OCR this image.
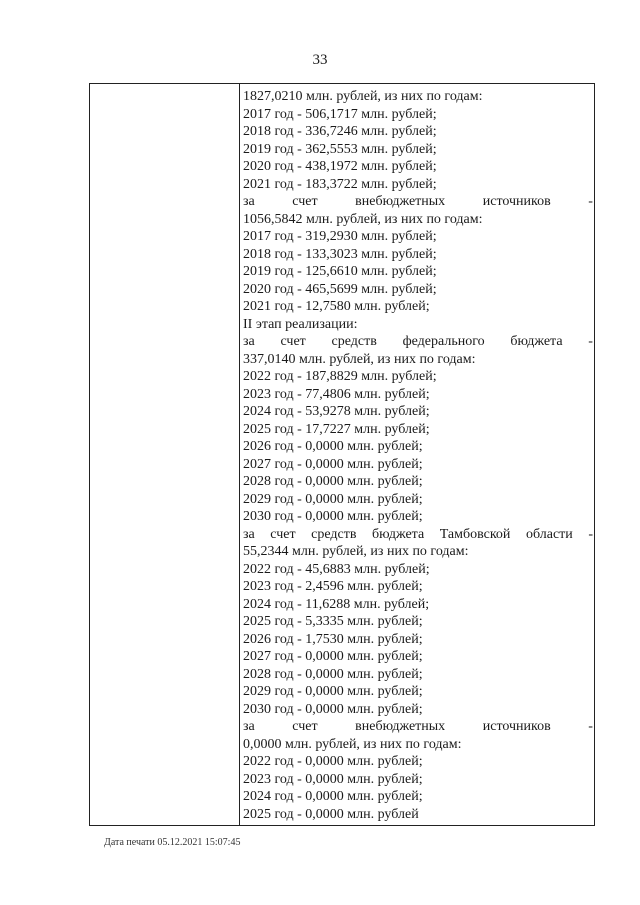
33
1827,0210 млн. рублей, из них по годам:
2017 год - 506,1717 млн. рублей;
2018 год - 336,7246 млн. рублей;
2019 год - 362,5553 млн. рублей;
2020 год - 438,1972 млн. рублей;
2021 год - 183,3722 млн. рублей;
за	счет	внебюджетных	источников	-
1056,5842 млн. рублей, из них по годам:
2017 год - 319,2930 млн. рублей;
2018 год - 133,3023 млн. рублей;
2019 год - 125,6610 млн. рублей;
2020 год - 465,5699 млн. рублей;
2021 год - 12,7580 млн. рублей;
II этап реализации:
за счет средств федерального бюджета -
337,0140 млн. рублей, из них по годам:
2022 год - 187,8829 млн. рублей;
2023 год - 77,4806 млн. рублей;
2024 год - 53,9278 млн. рублей;
2025 год - 17,7227 млн. рублей;
2026 год - 0,0000 млн. рублей;
2027 год - 0,0000 млн. рублей;
2028 год - 0,0000 млн. рублей;
2029 год - 0,0000 млн. рублей;
2030 год - 0,0000 млн. рублей;
за счет средств бюджета Тамбовской области -
55,2344 млн. рублей, из них по годам:
2022 год - 45,6883 млн. рублей;
2023 год - 2,4596 млн. рублей;
2024 год - 11,6288 млн. рублей;
2025 год - 5,3335 млн. рублей;
2026 год - 1,7530 млн. рублей;
2027 год - 0,0000 млн. рублей;
2028 год - 0,0000 млн. рублей;
2029 год - 0,0000 млн. рублей;
2030 год - 0,0000 млн. рублей;
за	счет	внебюджетных	источников	-
0,0000 млн. рублей, из них по годам:
2022 год - 0,0000 млн. рублей;
2023 год - 0,0000 млн. рублей;
2024 год - 0,0000 млн. рублей;
2025 год - 0,0000 млн. рублей
Дата печати 05.12.2021 15:07:45
